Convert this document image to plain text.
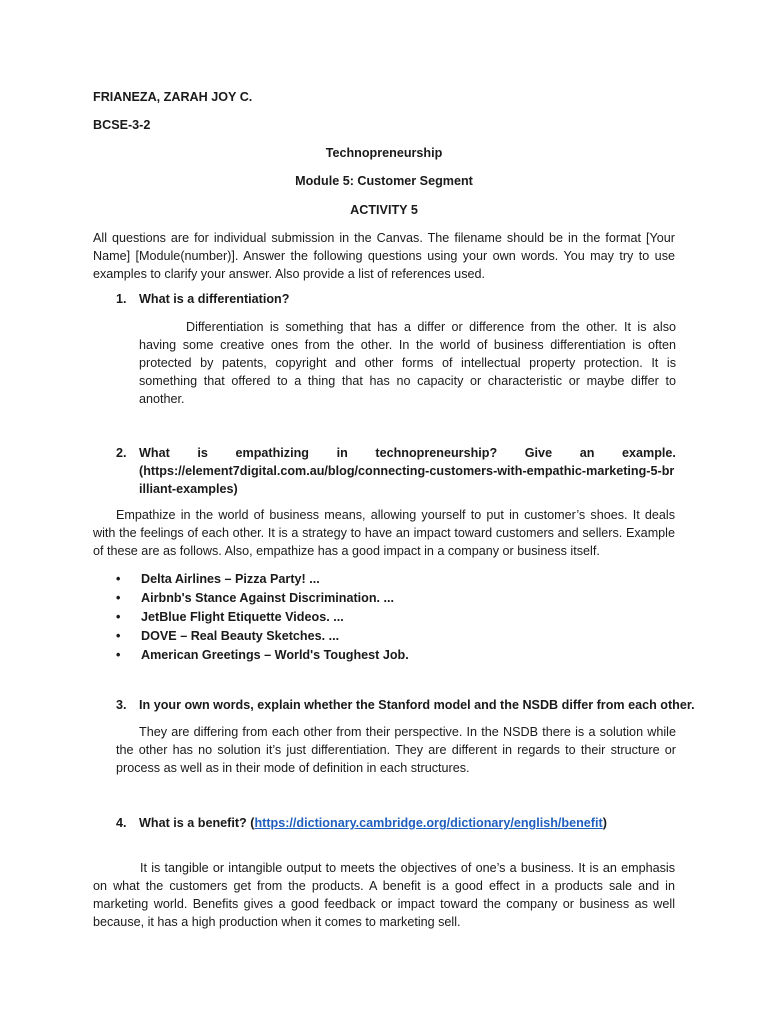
FRIANEZA, ZARAH JOY C.

BCSE-3-2

Technopreneurship

Module 5: Customer Segment

ACTIVITY 5

All questions are for individual submission in the Canvas. The filename should be in the format [Your Name] [Module(number)]. Answer the following questions using your own words. You may try to use examples to clarify your answer. Also provide a list of references used.

1. What is a differentiation?

Differentiation is something that has a differ or difference from the other. It is also having some creative ones from the other. In the world of business differentiation is often protected by patents, copyright and other forms of intellectual property protection. It is something that offered to a thing that has no capacity or characteristic or maybe differ to another.

2. What is empathizing in technopreneurship? Give an example.
(https://element7digital.com.au/blog/connecting-customers-with-empathic-marketing-5-brilliant-examples)

Empathize in the world of business means, allowing yourself to put in customer’s shoes. It deals with the feelings of each other. It is a strategy to have an impact toward customers and sellers. Example of these are as follows. Also, empathize has a good impact in a company or business itself.

• Delta Airlines – Pizza Party! ...
• Airbnb's Stance Against Discrimination. ...
• JetBlue Flight Etiquette Videos. ...
• DOVE – Real Beauty Sketches. ...
• American Greetings – World's Toughest Job.
3. In your own words, explain whether the Stanford model and the NSDB differ from each other.

They are differing from each other from their perspective. In the NSDB there is a solution while the other has no solution it’s just differentiation. They are different in regards to their structure or process as well as in their mode of definition in each structures.

4. What is a benefit? (https://dictionary.cambridge.org/dictionary/english/benefit)

It is tangible or intangible output to meets the objectives of one’s a business. It is an emphasis on what the customers get from the products. A benefit is a good effect in a products sale and in marketing world. Benefits gives a good feedback or impact toward the company or business as well because, it has a high production when it comes to marketing sell.
